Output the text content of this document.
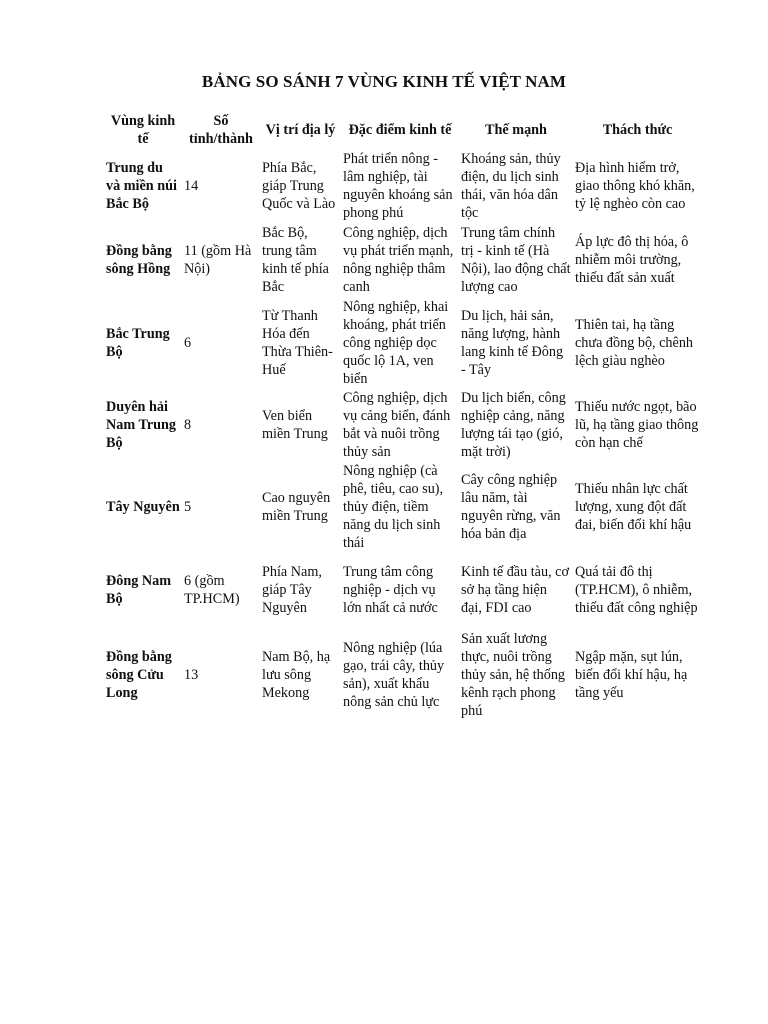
BẢNG SO SÁNH 7 VÙNG KINH TẾ VIỆT NAM
Vùng kinh tế	Số tỉnh/thành	Vị trí địa lý	Đặc điểm kinh tế	Thế mạnh	Thách thức
Trung du và miền núi Bắc Bộ	14	Phía Bắc, giáp Trung Quốc và Lào	Phát triển nông - lâm nghiệp, tài nguyên khoáng sản phong phú	Khoáng sản, thủy điện, du lịch sinh thái, văn hóa dân tộc	Địa hình hiểm trở, giao thông khó khăn, tỷ lệ nghèo còn cao
Đồng bằng sông Hồng	11 (gồm Hà Nội)	Bắc Bộ, trung tâm kinh tế phía Bắc	Công nghiệp, dịch vụ phát triển mạnh, nông nghiệp thâm canh	Trung tâm chính trị - kinh tế (Hà Nội), lao động chất lượng cao	Áp lực đô thị hóa, ô nhiễm môi trường, thiếu đất sản xuất
Bắc Trung Bộ	6	Từ Thanh Hóa đến Thừa Thiên-Huế	Nông nghiệp, khai khoáng, phát triển công nghiệp dọc quốc lộ 1A, ven biển	Du lịch, hải sản, năng lượng, hành lang kinh tế Đông - Tây	Thiên tai, hạ tầng chưa đồng bộ, chênh lệch giàu nghèo
Duyên hải Nam Trung Bộ	8	Ven biển miền Trung	Công nghiệp, dịch vụ cảng biển, đánh bắt và nuôi trồng thủy sản	Du lịch biển, công nghiệp cảng, năng lượng tái tạo (gió, mặt trời)	Thiếu nước ngọt, bão lũ, hạ tầng giao thông còn hạn chế
Tây Nguyên	5	Cao nguyên miền Trung	Nông nghiệp (cà phê, tiêu, cao su), thủy điện, tiềm năng du lịch sinh thái	Cây công nghiệp lâu năm, tài nguyên rừng, văn hóa bản địa	Thiếu nhân lực chất lượng, xung đột đất đai, biến đổi khí hậu
Đông Nam Bộ	6 (gồm TP.HCM)	Phía Nam, giáp Tây Nguyên	Trung tâm công nghiệp - dịch vụ lớn nhất cả nước	Kinh tế đầu tàu, cơ sở hạ tầng hiện đại, FDI cao	Quá tải đô thị (TP.HCM), ô nhiễm, thiếu đất công nghiệp
Đồng bằng sông Cửu Long	13	Nam Bộ, hạ lưu sông Mekong	Nông nghiệp (lúa gạo, trái cây, thủy sản), xuất khẩu nông sản chủ lực	Sản xuất lương thực, nuôi trồng thủy sản, hệ thống kênh rạch phong phú	Ngập mặn, sụt lún, biến đổi khí hậu, hạ tầng yếu
